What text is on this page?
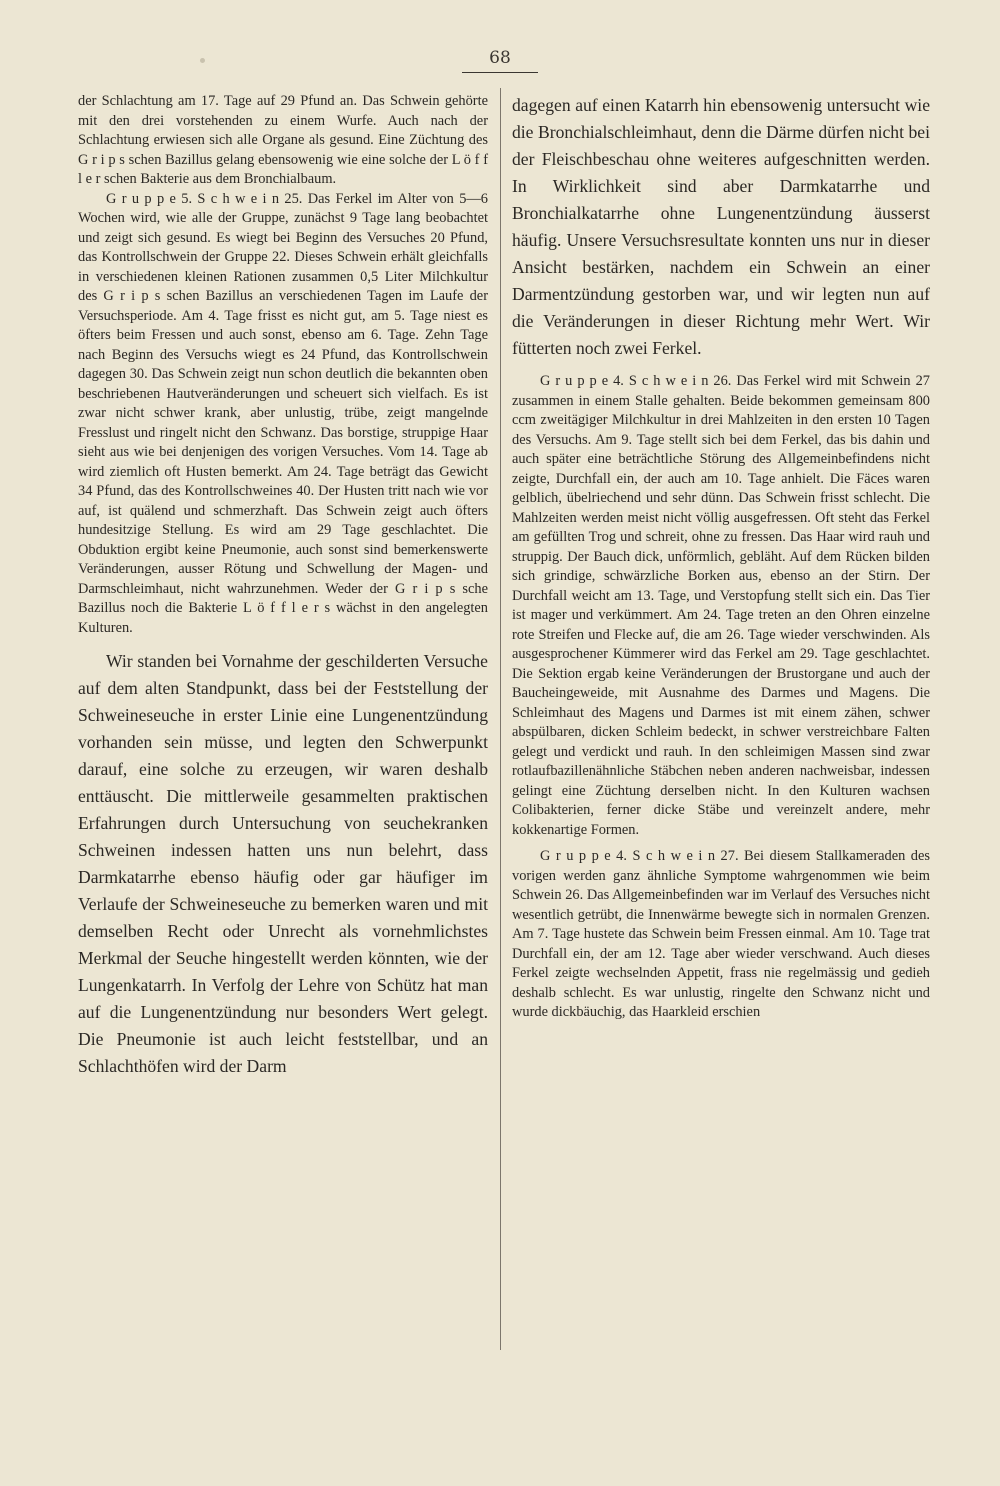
68

der Schlachtung am 17. Tage auf 29 Pfund an. Das Schwein gehörte mit den drei vorstehenden zu einem Wurfe. Auch nach der Schlachtung erwiesen sich alle Organe als gesund. Eine Züchtung des G r i p s schen Bazillus gelang ebensowenig wie eine solche der L ö f f l e r schen Bakterie aus dem Bronchialbaum.

G r u p p e 5. S c h w e i n 25. Das Ferkel im Alter von 5—6 Wochen wird, wie alle der Gruppe, zunächst 9 Tage lang beobachtet und zeigt sich gesund. Es wiegt bei Beginn des Versuches 20 Pfund, das Kontrollschwein der Gruppe 22. Dieses Schwein erhält gleichfalls in verschiedenen kleinen Rationen zusammen 0,5 Liter Milchkultur des G r i p s schen Bazillus an verschiedenen Tagen im Laufe der Versuchsperiode. Am 4. Tage frisst es nicht gut, am 5. Tage niest es öfters beim Fressen und auch sonst, ebenso am 6. Tage. Zehn Tage nach Beginn des Versuchs wiegt es 24 Pfund, das Kontrollschwein dagegen 30. Das Schwein zeigt nun schon deutlich die bekannten oben beschriebenen Hautveränderungen und scheuert sich vielfach. Es ist zwar nicht schwer krank, aber unlustig, trübe, zeigt mangelnde Fresslust und ringelt nicht den Schwanz. Das borstige, struppige Haar sieht aus wie bei denjenigen des vorigen Versuches. Vom 14. Tage ab wird ziemlich oft Husten bemerkt. Am 24. Tage beträgt das Gewicht 34 Pfund, das des Kontrollschweines 40. Der Husten tritt nach wie vor auf, ist quälend und schmerzhaft. Das Schwein zeigt auch öfters hundesitzige Stellung. Es wird am 29 Tage geschlachtet. Die Obduktion ergibt keine Pneumonie, auch sonst sind bemerkenswerte Veränderungen, ausser Rötung und Schwellung der Magen- und Darmschleimhaut, nicht wahrzunehmen. Weder der G r i p s sche Bazillus noch die Bakterie L ö f f l e r s wächst in den angelegten Kulturen.

Wir standen bei Vornahme der geschilderten Versuche auf dem alten Standpunkt, dass bei der Feststellung der Schweineseuche in erster Linie eine Lungenentzündung vorhanden sein müsse, und legten den Schwerpunkt darauf, eine solche zu erzeugen, wir waren deshalb enttäuscht. Die mittlerweile gesammelten praktischen Erfahrungen durch Untersuchung von seuchekranken Schweinen indessen hatten uns nun belehrt, dass Darmkatarrhe ebenso häufig oder gar häufiger im Verlaufe der Schweineseuche zu bemerken waren und mit demselben Recht oder Unrecht als vornehmlichstes Merkmal der Seuche hingestellt werden könnten, wie der Lungenkatarrh. In Verfolg der Lehre von Schütz hat man auf die Lungenentzündung nur besonders Wert gelegt. Die Pneumonie ist auch leicht feststellbar, und an Schlachthöfen wird der Darm

dagegen auf einen Katarrh hin ebensowenig untersucht wie die Bronchialschleimhaut, denn die Därme dürfen nicht bei der Fleischbeschau ohne weiteres aufgeschnitten werden. In Wirklichkeit sind aber Darmkatarrhe und Bronchialkatarrhe ohne Lungenentzündung äusserst häufig. Unsere Versuchsresultate konnten uns nur in dieser Ansicht bestärken, nachdem ein Schwein an einer Darmentzündung gestorben war, und wir legten nun auf die Veränderungen in dieser Richtung mehr Wert. Wir fütterten noch zwei Ferkel.

G r u p p e 4. S c h w e i n 26. Das Ferkel wird mit Schwein 27 zusammen in einem Stalle gehalten. Beide bekommen gemeinsam 800 ccm zweitägiger Milchkultur in drei Mahlzeiten in den ersten 10 Tagen des Versuchs. Am 9. Tage stellt sich bei dem Ferkel, das bis dahin und auch später eine beträchtliche Störung des Allgemeinbefindens nicht zeigte, Durchfall ein, der auch am 10. Tage anhielt. Die Fäces waren gelblich, übelriechend und sehr dünn. Das Schwein frisst schlecht. Die Mahlzeiten werden meist nicht völlig ausgefressen. Oft steht das Ferkel am gefüllten Trog und schreit, ohne zu fressen. Das Haar wird rauh und struppig. Der Bauch dick, unförmlich, gebläht. Auf dem Rücken bilden sich grindige, schwärzliche Borken aus, ebenso an der Stirn. Der Durchfall weicht am 13. Tage, und Verstopfung stellt sich ein. Das Tier ist mager und verkümmert. Am 24. Tage treten an den Ohren einzelne rote Streifen und Flecke auf, die am 26. Tage wieder verschwinden. Als ausgesprochener Kümmerer wird das Ferkel am 29. Tage geschlachtet. Die Sektion ergab keine Veränderungen der Brustorgane und auch der Baucheingeweide, mit Ausnahme des Darmes und Magens. Die Schleimhaut des Magens und Darmes ist mit einem zähen, schwer abspülbaren, dicken Schleim bedeckt, in schwer verstreichbare Falten gelegt und verdickt und rauh. In den schleimigen Massen sind zwar rotlaufbazillenähnliche Stäbchen neben anderen nachweisbar, indessen gelingt eine Züchtung derselben nicht. In den Kulturen wachsen Colibakterien, ferner dicke Stäbe und vereinzelt andere, mehr kokkenartige Formen.

G r u p p e 4. S c h w e i n 27. Bei diesem Stallkameraden des vorigen werden ganz ähnliche Symptome wahrgenommen wie beim Schwein 26. Das Allgemeinbefinden war im Verlauf des Versuches nicht wesentlich getrübt, die Innenwärme bewegte sich in normalen Grenzen. Am 7. Tage hustete das Schwein beim Fressen einmal. Am 10. Tage trat Durchfall ein, der am 12. Tage aber wieder verschwand. Auch dieses Ferkel zeigte wechselnden Appetit, frass nie regelmässig und gedieh deshalb schlecht. Es war unlustig, ringelte den Schwanz nicht und wurde dickbäuchig, das Haarkleid erschien
